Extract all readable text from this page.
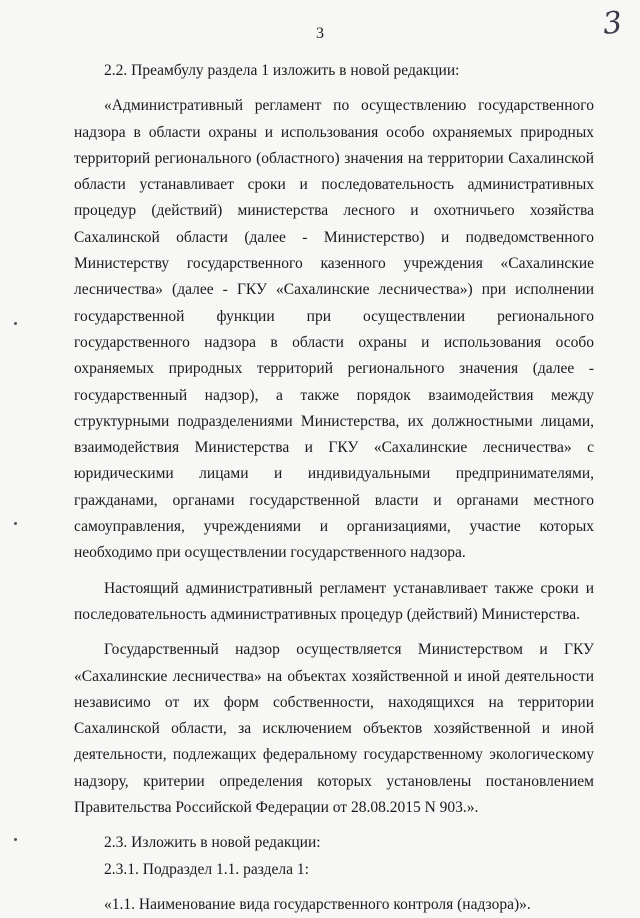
3
3

2.2. Преамбулу раздела 1 изложить в новой редакции:

«Административный регламент по осуществлению государственного надзора в области охраны и использования особо охраняемых природных территорий регионального (областного) значения на территории Сахалинской области устанавливает сроки и последовательность административных процедур (действий) министерства лесного и охотничьего хозяйства Сахалинской области (далее - Министерство) и подведомственного Министерству государственного казенного учреждения «Сахалинские лесничества» (далее - ГКУ «Сахалинские лесничества») при исполнении государственной функции при осуществлении регионального государственного надзора в области охраны и использования особо охраняемых природных территорий регионального значения (далее - государственный надзор), а также порядок взаимодействия между структурными подразделениями Министерства, их должностными лицами, взаимодействия Министерства и ГКУ «Сахалинские лесничества» с юридическими лицами и индивидуальными предпринимателями, гражданами, органами государственной власти и органами местного самоуправления, учреждениями и организациями, участие которых необходимо при осуществлении государственного надзора.

Настоящий административный регламент устанавливает также сроки и последовательность административных процедур (действий) Министерства.

Государственный надзор осуществляется Министерством и ГКУ «Сахалинские лесничества» на объектах хозяйственной и иной деятельности независимо от их форм собственности, находящихся на территории Сахалинской области, за исключением объектов хозяйственной и иной деятельности, подлежащих федеральному государственному экологическому надзору, критерии определения которых установлены постановлением Правительства Российской Федерации от 28.08.2015 N 903.».

2.3. Изложить в новой редакции:

2.3.1. Подраздел 1.1. раздела 1:

«1.1. Наименование вида государственного контроля (надзора)».
